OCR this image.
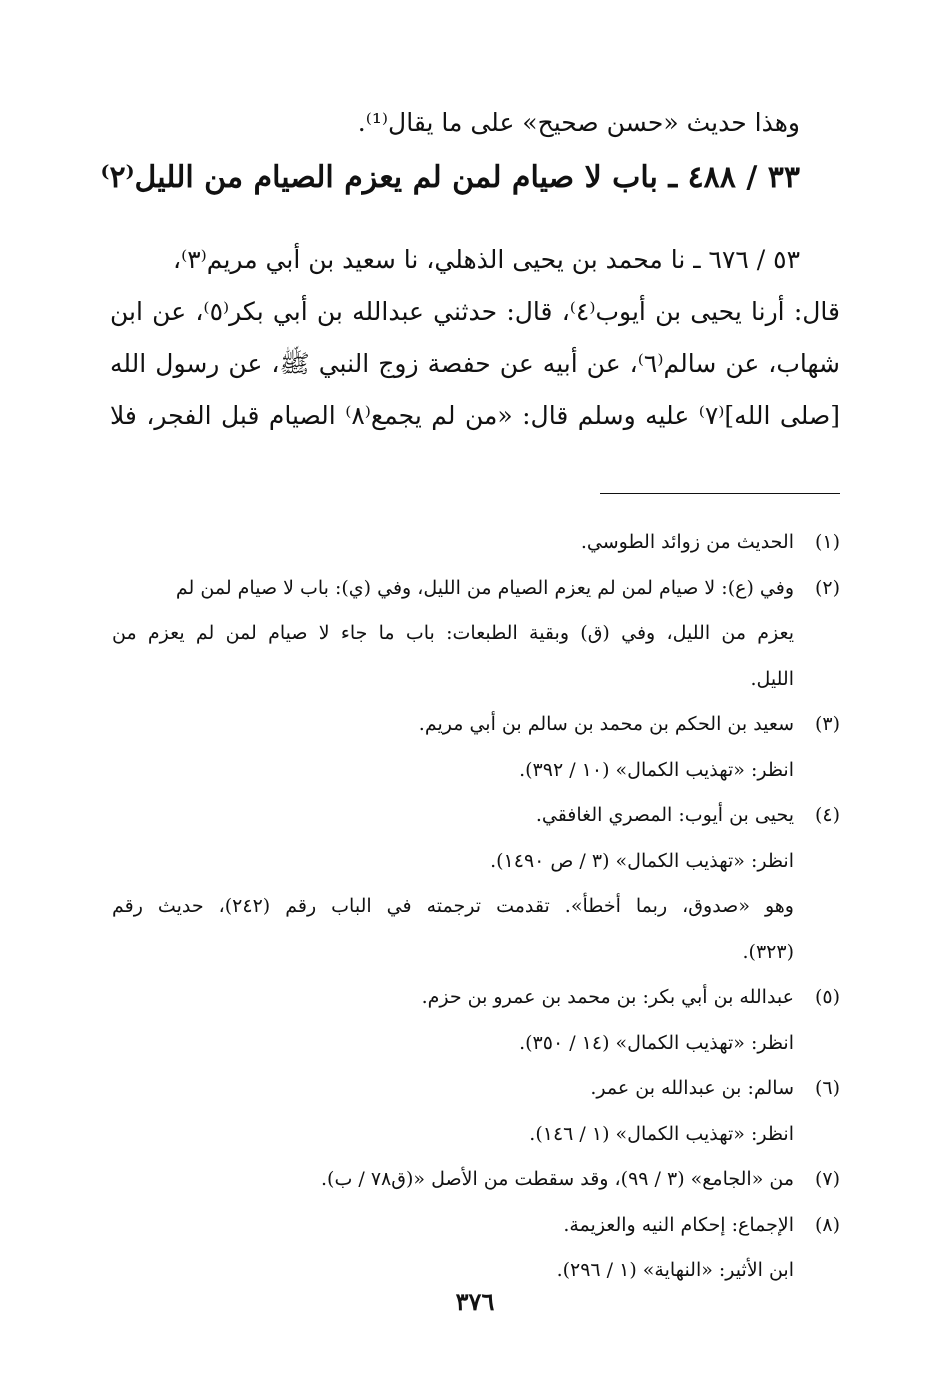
وهذا حديث «حسن صحيح» على ما يقال⁽¹⁾.
٣٣ / ٤٨٨ ـ باب لا صيام لمن لم يعزم الصيام من الليل⁽٢⁾
٥٣ / ٦٧٦ ـ نا محمد بن يحيى الذهلي، نا سعيد بن أبي مريم⁽٣⁾،
قال: أرنا يحيى بن أيوب⁽٤⁾، قال: حدثني عبدالله بن أبي بكر⁽٥⁾، عن ابن
شهاب، عن سالم⁽٦⁾، عن أبيه عن حفصة زوج النبي ﷺ، عن رسول الله
[صلى الله]⁽٧⁾ عليه وسلم قال: «من لم يجمع⁽٨⁾ الصيام قبل الفجر، فلا
(١)الحديث من زوائد الطوسي.
(٢)وفي (ع): لا صيام لمن لم يعزم الصيام من الليل، وفي (ي): باب لا صيام لمن لم
يعزم من الليل، وفي (ق) وبقية الطبعات: باب ما جاء لا صيام لمن لم يعزم من
الليل.
(٣)سعيد بن الحكم بن محمد بن سالم بن أبي مريم.
انظر: «تهذيب الكمال» (١٠ / ٣٩٢).
(٤)يحيى بن أيوب: المصري الغافقي.
انظر: «تهذيب الكمال» (٣ / ص ١٤٩٠).
وهو «صدوق، ربما أخطأ». تقدمت ترجمته في الباب رقم (٢٤٢)، حديث رقم
(٣٢٣).
(٥)عبدالله بن أبي بكر: بن محمد بن عمرو بن حزم.
انظر: «تهذيب الكمال» (١٤ / ٣٥٠).
(٦)سالم: بن عبدالله بن عمر.
انظر: «تهذيب الكمال» (١ / ١٤٦).
(٧)من «الجامع» (٣ / ٩٩)، وقد سقطت من الأصل «(ق٧٨ / ب).
(٨)الإجماع: إحكام النيه والعزيمة.
ابن الأثير: «النهاية» (١ / ٢٩٦).
٣٧٦
